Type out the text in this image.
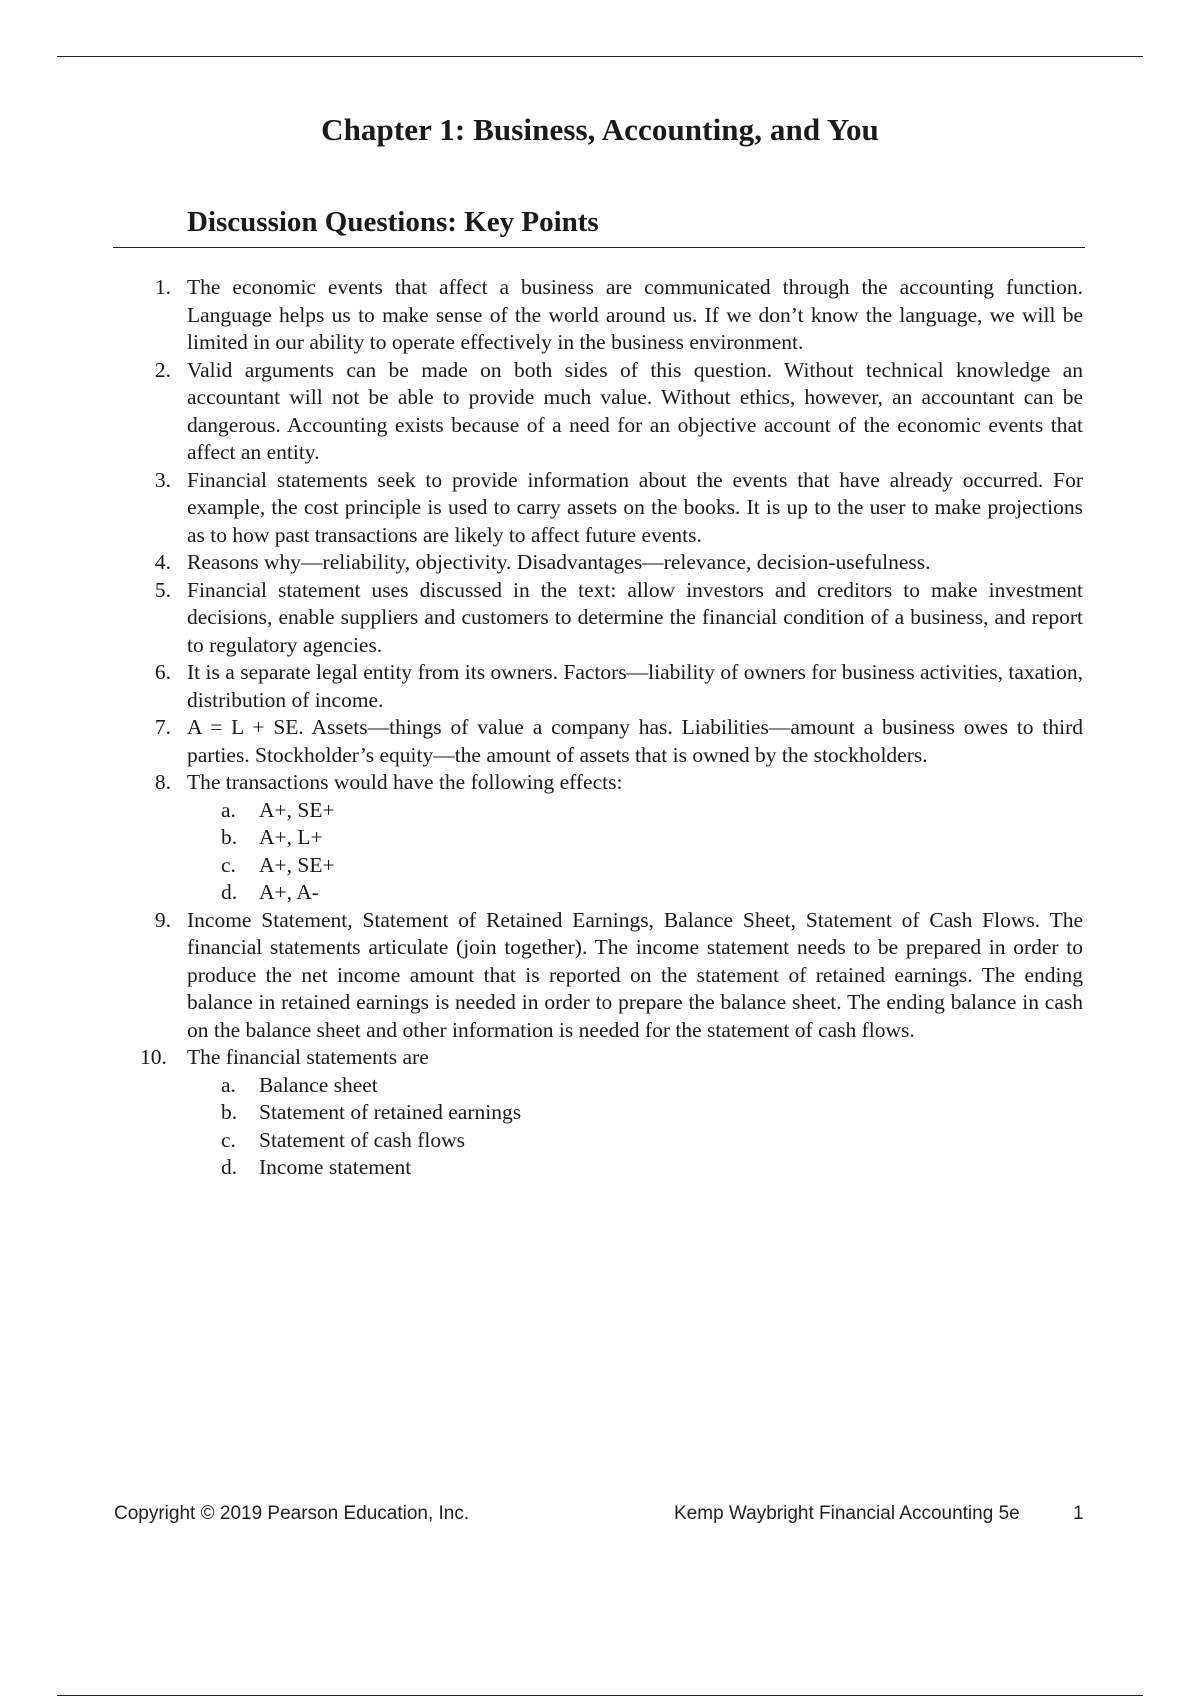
Chapter 1: Business, Accounting, and You
Discussion Questions: Key Points
1. The economic events that affect a business are communicated through the accounting function. Language helps us to make sense of the world around us. If we don’t know the language, we will be limited in our ability to operate effectively in the business environment.
2. Valid arguments can be made on both sides of this question. Without technical knowledge an accountant will not be able to provide much value. Without ethics, however, an accountant can be dangerous. Accounting exists because of a need for an objective account of the economic events that affect an entity.
3. Financial statements seek to provide information about the events that have already occurred. For example, the cost principle is used to carry assets on the books. It is up to the user to make projections as to how past transactions are likely to affect future events.
4. Reasons why—reliability, objectivity. Disadvantages—relevance, decision-usefulness.
5. Financial statement uses discussed in the text: allow investors and creditors to make investment decisions, enable suppliers and customers to determine the financial condition of a business, and report to regulatory agencies.
6. It is a separate legal entity from its owners. Factors—liability of owners for business activities, taxation, distribution of income.
7. A = L + SE. Assets—things of value a company has. Liabilities—amount a business owes to third parties. Stockholder’s equity—the amount of assets that is owned by the stockholders.
8. The transactions would have the following effects:
a. A+, SE+
b. A+, L+
c. A+, SE+
d. A+, A-
9. Income Statement, Statement of Retained Earnings, Balance Sheet, Statement of Cash Flows. The financial statements articulate (join together). The income statement needs to be prepared in order to produce the net income amount that is reported on the statement of retained earnings. The ending balance in retained earnings is needed in order to prepare the balance sheet. The ending balance in cash on the balance sheet and other information is needed for the statement of cash flows.
10. The financial statements are
a. Balance sheet
b. Statement of retained earnings
c. Statement of cash flows
d. Income statement
Copyright © 2019 Pearson Education, Inc.	Kemp Waybright Financial Accounting 5e	1
